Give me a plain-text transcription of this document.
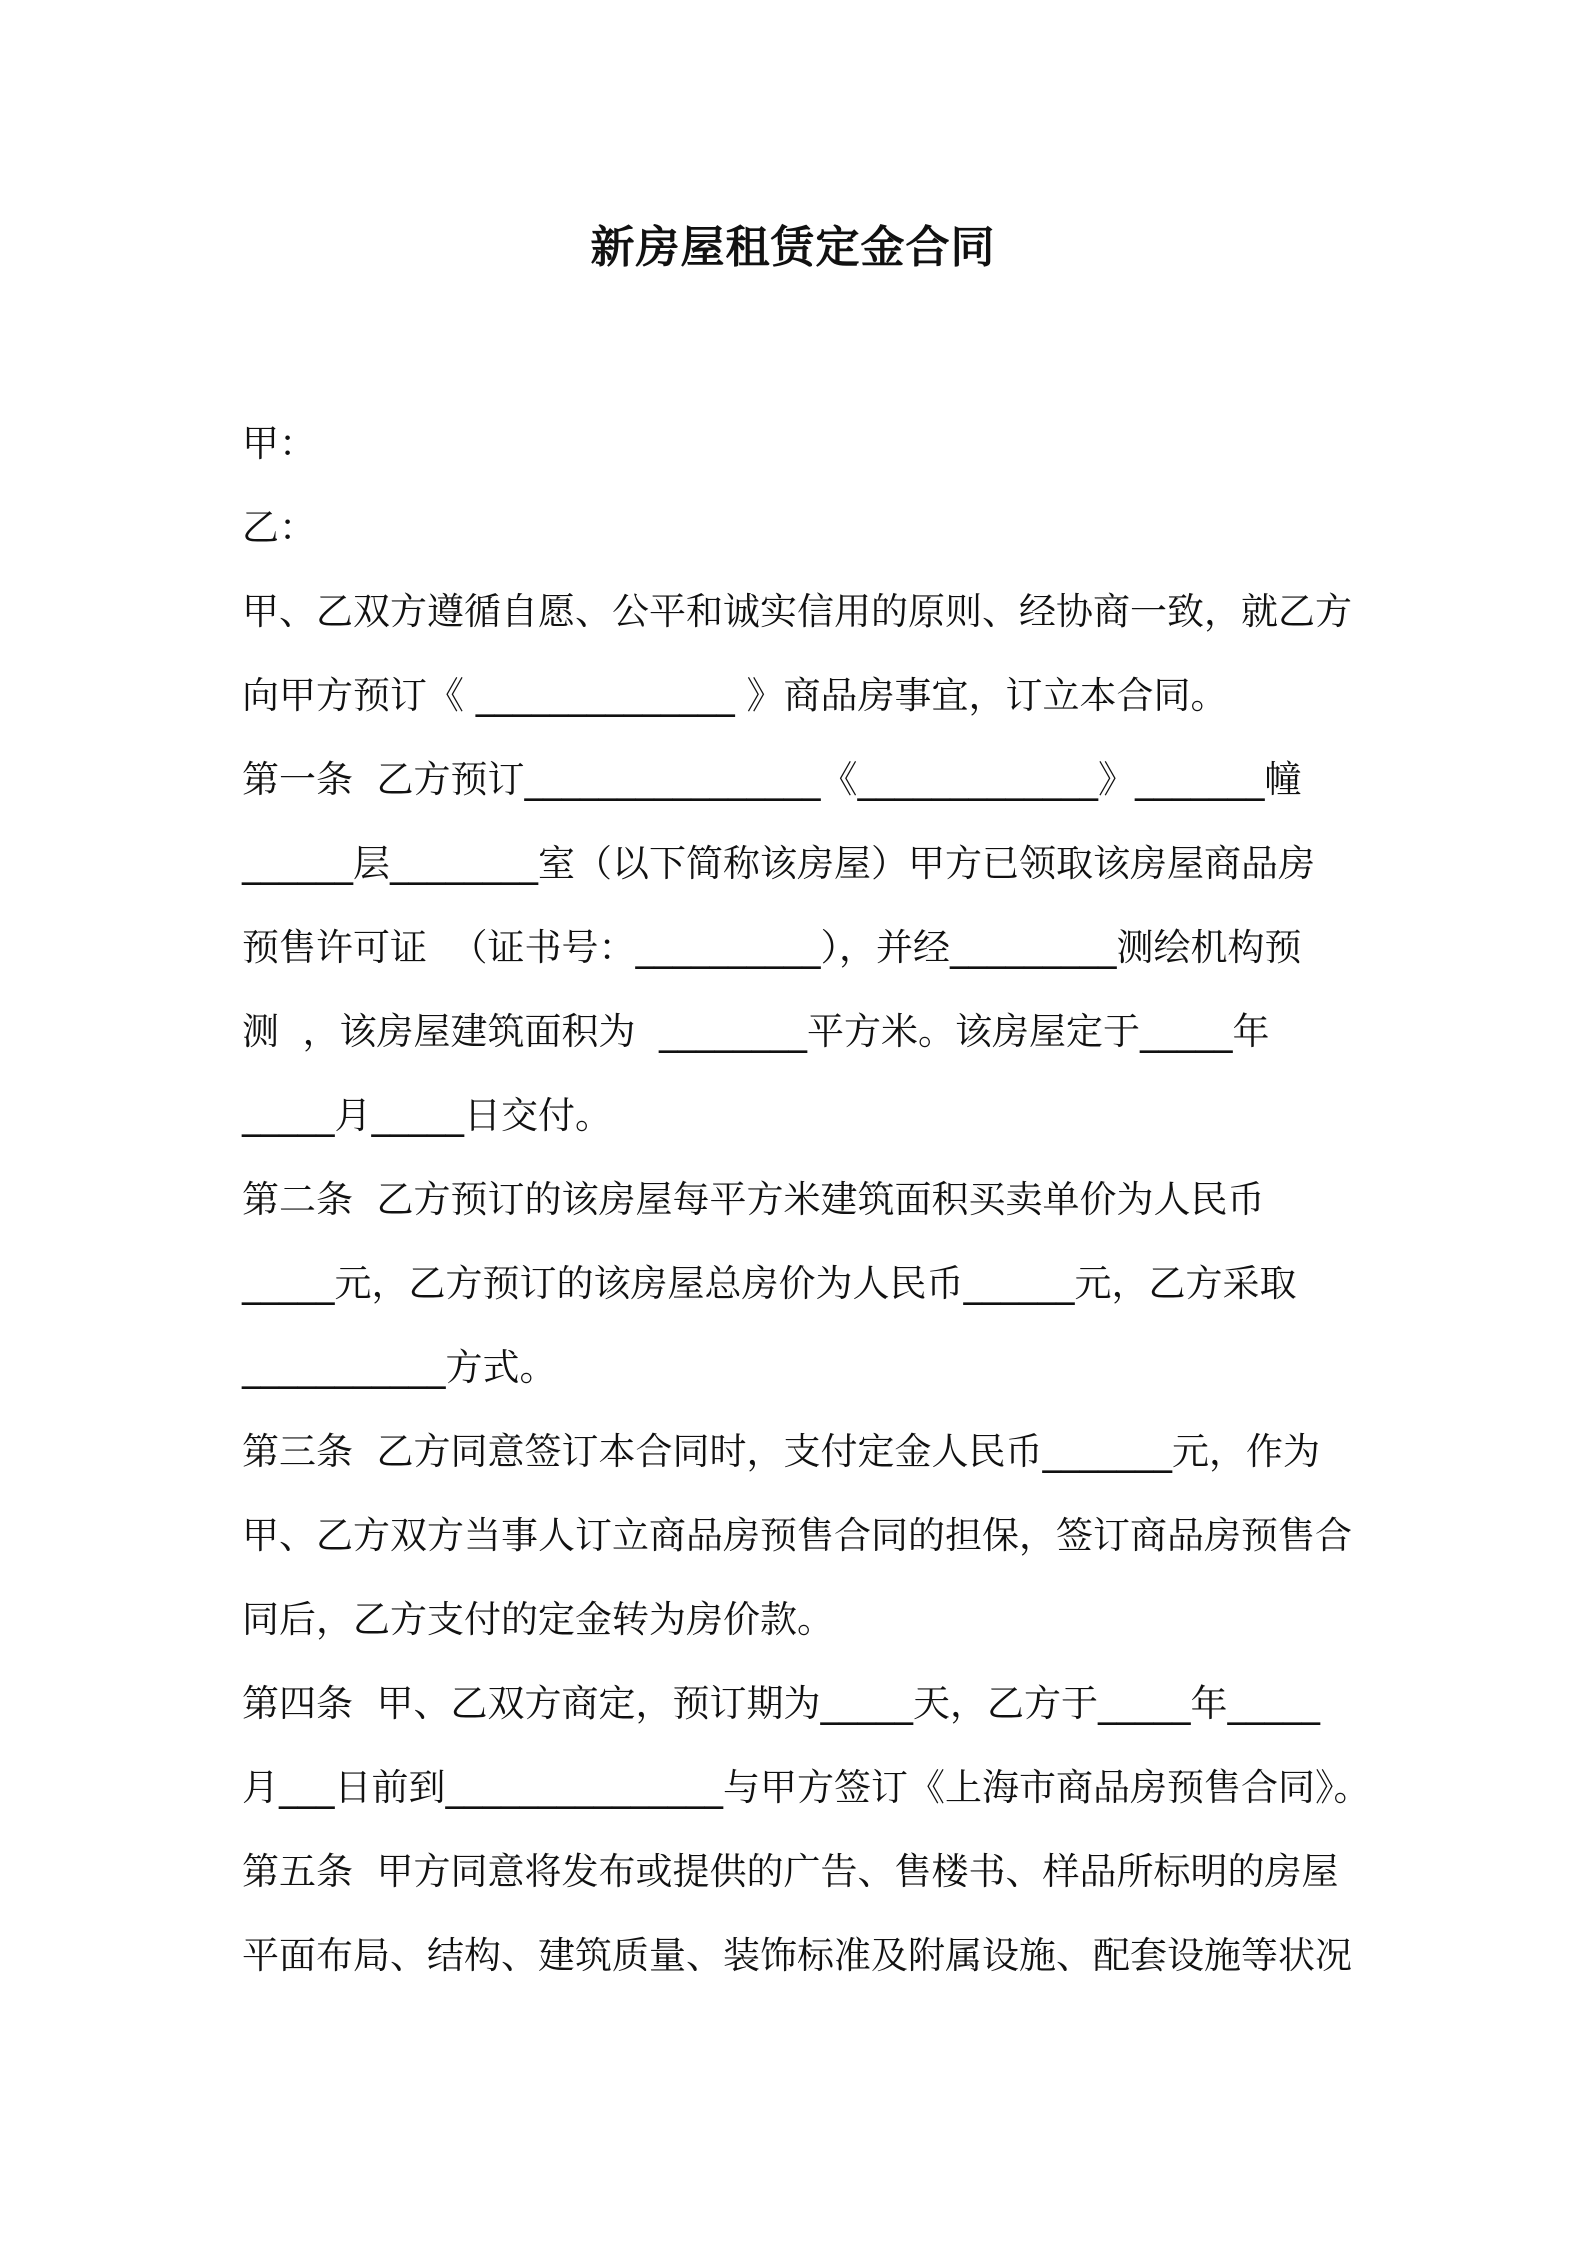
新房屋租赁定金合同
甲：
乙：
甲、乙双方遵循自愿、公平和诚实信用的原则、经协商一致，就乙方
向甲方预订《 ______________ 》商品房事宜，订立本合同。
第一条  乙方预订________________《_____________》_______幢
______层________室（以下简称该房屋）甲方已领取该房屋商品房
预售许可证  （证书号：__________），并经_________测绘机构预
测  ，该房屋建筑面积为  ________平方米。该房屋定于_____年
_____月_____日交付。
第二条  乙方预订的该房屋每平方米建筑面积买卖单价为人民币
_____元，乙方预订的该房屋总房价为人民币______元，乙方采取
___________方式。
第三条  乙方同意签订本合同时，支付定金人民币_______元，作为
甲、乙方双方当事人订立商品房预售合同的担保，签订商品房预售合
同后，乙方支付的定金转为房价款。
第四条  甲、乙双方商定，预订期为_____天，乙方于_____年_____
月___日前到_______________与甲方签订《上海市商品房预售合同》。
第五条  甲方同意将发布或提供的广告、售楼书、样品所标明的房屋
平面布局、结构、建筑质量、装饰标准及附属设施、配套设施等状况
